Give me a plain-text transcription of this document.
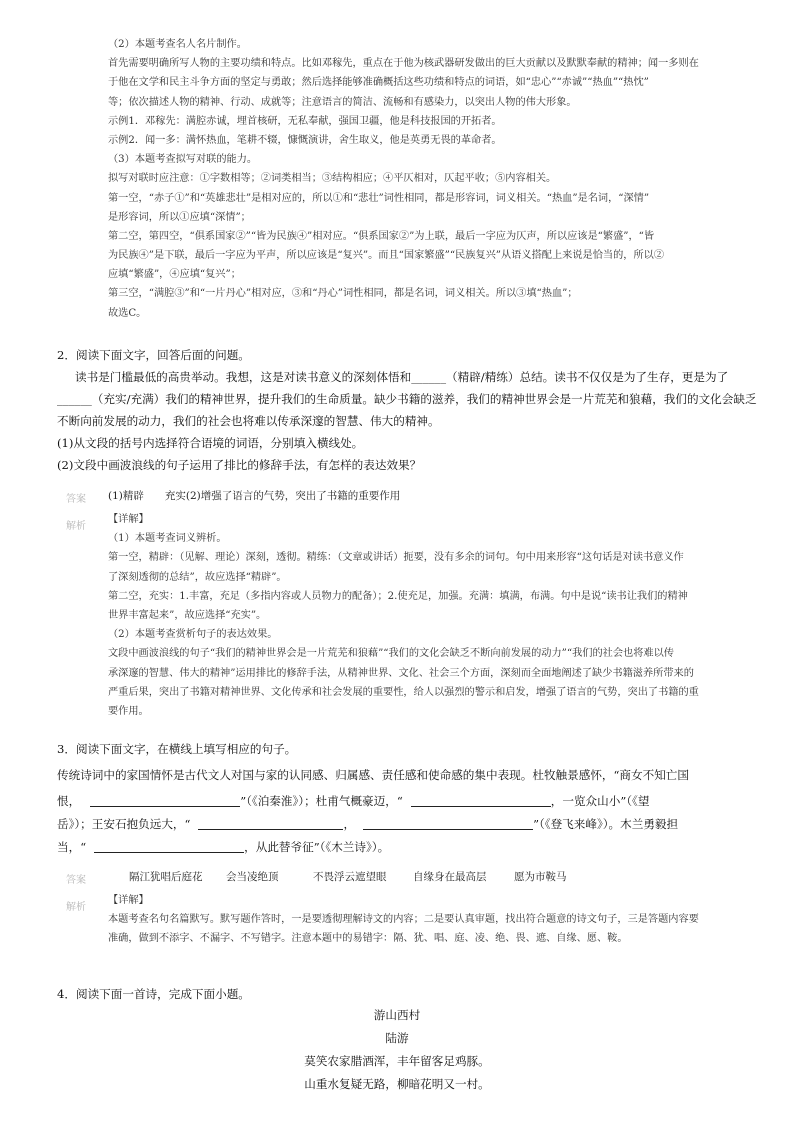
（2）本题考查名人名片制作。
首先需要明确所写人物的主要功绩和特点。比如邓稼先，重点在于他为核武器研发做出的巨大贡献以及默默奉献的精神；闻一多则在
于他在文学和民主斗争方面的坚定与勇敢；然后选择能够准确概括这些功绩和特点的词语，如“忠心”“赤诚”“热血”“热忱”
等；依次描述人物的精神、行动、成就等；注意语言的简洁、流畅和有感染力，以突出人物的伟大形象。
示例1．邓稼先：满腔赤诚，埋首核研，无私奉献，强国卫疆，他是科技报国的开拓者。
示例2．闻一多：满怀热血，笔耕不辍，慷慨演讲，舍生取义，他是英勇无畏的革命者。
（3）本题考查拟写对联的能力。
拟写对联时应注意：①字数相等；②词类相当；③结构相应；④平仄相对，仄起平收；⑤内容相关。
第一空，“赤子①”和“英雄悲壮”是相对应的，所以①和“悲壮”词性相同，都是形容词，词义相关。“热血”是名词，“深情”
是形容词，所以①应填“深情”；
第二空，第四空，“俱系国家②”“皆为民族④”相对应。“俱系国家②”为上联，最后一字应为仄声，所以应该是“繁盛”，“皆
为民族④”是下联，最后一字应为平声，所以应该是“复兴”。而且“国家繁盛”“民族复兴”从语义搭配上来说是恰当的，所以②
应填“繁盛”，④应填“复兴”；
第三空，“满腔③”和“一片丹心”相对应，③和“丹心”词性相同，都是名词，词义相关。所以③填“热血”；
故选C。
2．阅读下面文字，回答后面的问题。
读书是门槛最低的高贵举动。我想，这是对读书意义的深刻体悟和______（精辟/精练）总结。读书不仅仅是为了生存，更是为了
______（充实/充满）我们的精神世界，提升我们的生命质量。缺少书籍的滋养，我们的精神世界会是一片荒芜和狼藉，我们的文化会缺乏
不断向前发展的动力，我们的社会也将难以传承深邃的智慧、伟大的精神。
(1)从文段的括号内选择符合语境的词语，分别填入横线处。
(2)文段中画波浪线的句子运用了排比的修辞手法，有怎样的表达效果？
答案 (1)精辟　　充实(2)增强了语言的气势，突出了书籍的重要作用
解析
【详解】
（1）本题考查词义辨析。
第一空，精辟：（见解、理论）深刻，透彻。精练：（文章或讲话）扼要，没有多余的词句。句中用来形容“这句话是对读书意义作
了深刻透彻的总结”，故应选择“精辟”。
第二空，充实：1.丰富，充足（多指内容或人员物力的配备）；2.使充足，加强。充满：填满，布满。句中是说“读书让我们的精神
世界丰富起来”，故应选择“充实”。
（2）本题考查赏析句子的表达效果。
文段中画波浪线的句子“我们的精神世界会是一片荒芜和狼藉”“我们的文化会缺乏不断向前发展的动力”“我们的社会也将难以传
承深邃的智慧、伟大的精神”运用排比的修辞手法，从精神世界、文化、社会三个方面，深刻而全面地阐述了缺少书籍滋养所带来的
严重后果，突出了书籍对精神世界、文化传承和社会发展的重要性，给人以强烈的警示和启发，增强了语言的气势，突出了书籍的重
要作用。
3．阅读下面文字，在横线上填写相应的句子。
传统诗词中的家国情怀是古代文人对国与家的认同感、归属感、责任感和使命感的集中表现。杜牧触景感怀，“商女不知亡国
恨，	”（《泊秦淮》）；杜甫气概豪迈，“	，一览众山小”（《望
岳》）；王安石抱负远大，“	，	”（《登飞来峰》）。木兰勇毅担
当，“	，从此替爷征”（《木兰诗》）。
答案	隔江犹唱后庭花 会当凌绝顶	不畏浮云遮望眼	自缘身在最高层	愿为市鞍马
解析
【详解】
本题考查名句名篇默写。默写题作答时，一是要透彻理解诗文的内容；二是要认真审题，找出符合题意的诗文句子，三是答题内容要
准确，做到不添字、不漏字、不写错字。注意本题中的易错字：隔、犹、唱、庭、凌、绝、畏、遮、自缘、愿、鞍。
4．阅读下面一首诗，完成下面小题。
游山西村
陆游
莫笑农家腊酒浑，丰年留客足鸡豚。
山重水复疑无路，柳暗花明又一村。
